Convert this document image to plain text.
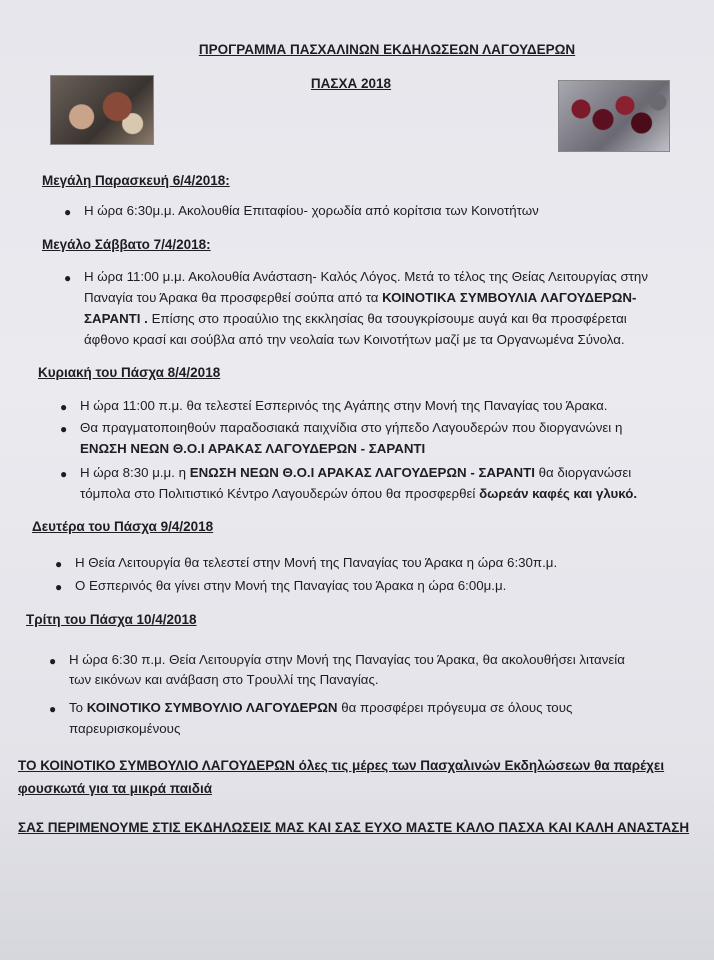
ΠΡΟΓΡΑΜΜΑ ΠΑΣΧΑΛΙΝΩΝ ΕΚΔΗΛΩΣΕΩΝ ΛΑΓΟΥΔΕΡΩΝ
ΠΑΣΧΑ 2018
Μεγάλη Παρασκευή 6/4/2018:
● Η ώρα 6:30μ.μ. Ακολουθία Επιταφίου- χορωδία από κορίτσια των Κοινοτήτων
Μεγάλο Σάββατο 7/4/2018:
● Η ώρα 11:00 μ.μ. Ακολουθία Ανάσταση- Καλός Λόγος. Μετά το τέλος της Θείας Λειτουργίας στην
Παναγία του Άρακα θα προσφερθεί σούπα από τα ΚΟΙΝΟΤΙΚΑ ΣΥΜΒΟΥΛΙΑ ΛΑΓΟΥΔΕΡΩΝ-
ΣΑΡΑΝΤΙ . Επίσης στο προαύλιο της εκκλησίας θα τσουγκρίσουμε αυγά και θα προσφέρεται
άφθονο κρασί και σούβλα από την νεολαία των Κοινοτήτων μαζί με τα Οργανωμένα Σύνολα.
Κυριακή του Πάσχα 8/4/2018
● Η ώρα 11:00 π.μ. θα τελεστεί Εσπερινός της Αγάπης στην Μονή της Παναγίας του Άρακα.
● Θα πραγματοποιηθούν παραδοσιακά παιχνίδια στο γήπεδο Λαγουδερών που διοργανώνει η
ΕΝΩΣΗ ΝΕΩΝ Θ.Ο.Ι ΑΡΑΚΑΣ ΛΑΓΟΥΔΕΡΩΝ - ΣΑΡΑΝΤΙ
● Η ώρα 8:30 μ.μ. η ΕΝΩΣΗ ΝΕΩΝ Θ.Ο.Ι ΑΡΑΚΑΣ ΛΑΓΟΥΔΕΡΩΝ - ΣΑΡΑΝΤΙ θα διοργανώσει
τόμπολα στο Πολιτιστικό Κέντρο Λαγουδερών όπου θα προσφερθεί δωρεάν καφές και γλυκό.
Δευτέρα του Πάσχα 9/4/2018
● Η Θεία Λειτουργία θα τελεστεί στην Μονή της Παναγίας του Άρακα η ώρα 6:30π.μ.
● Ο Εσπερινός θα γίνει στην Μονή της Παναγίας του Άρακα η ώρα 6:00μ.μ.
Τρίτη του Πάσχα 10/4/2018
● Η ώρα 6:30 π.μ. Θεία Λειτουργία στην Μονή της Παναγίας του Άρακα, θα ακολουθήσει λιτανεία
των εικόνων και ανάβαση στο Τρουλλί της Παναγίας.
● Το ΚΟΙΝΟΤΙΚΟ ΣΥΜΒΟΥΛΙΟ ΛΑΓΟΥΔΕΡΩΝ θα προσφέρει πρόγευμα σε όλους τους
παρευρισκομένους
ΤΟ ΚΟΙΝΟΤΙΚΟ ΣΥΜΒΟΥΛΙΟ ΛΑΓΟΥΔΕΡΩΝ όλες τις μέρες των Πασχαλινών Εκδηλώσεων θα παρέχει
φουσκωτά για τα μικρά παιδιά
ΣΑΣ ΠΕΡΙΜΕΝΟΥΜΕ ΣΤΙΣ ΕΚΔΗΛΩΣΕΙΣ ΜΑΣ ΚΑΙ ΣΑΣ ΕΥΧΟ ΜΑΣΤΕ ΚΑΛΟ ΠΑΣΧΑ ΚΑΙ ΚΑΛΗ ΑΝΑΣΤΑΣΗ
